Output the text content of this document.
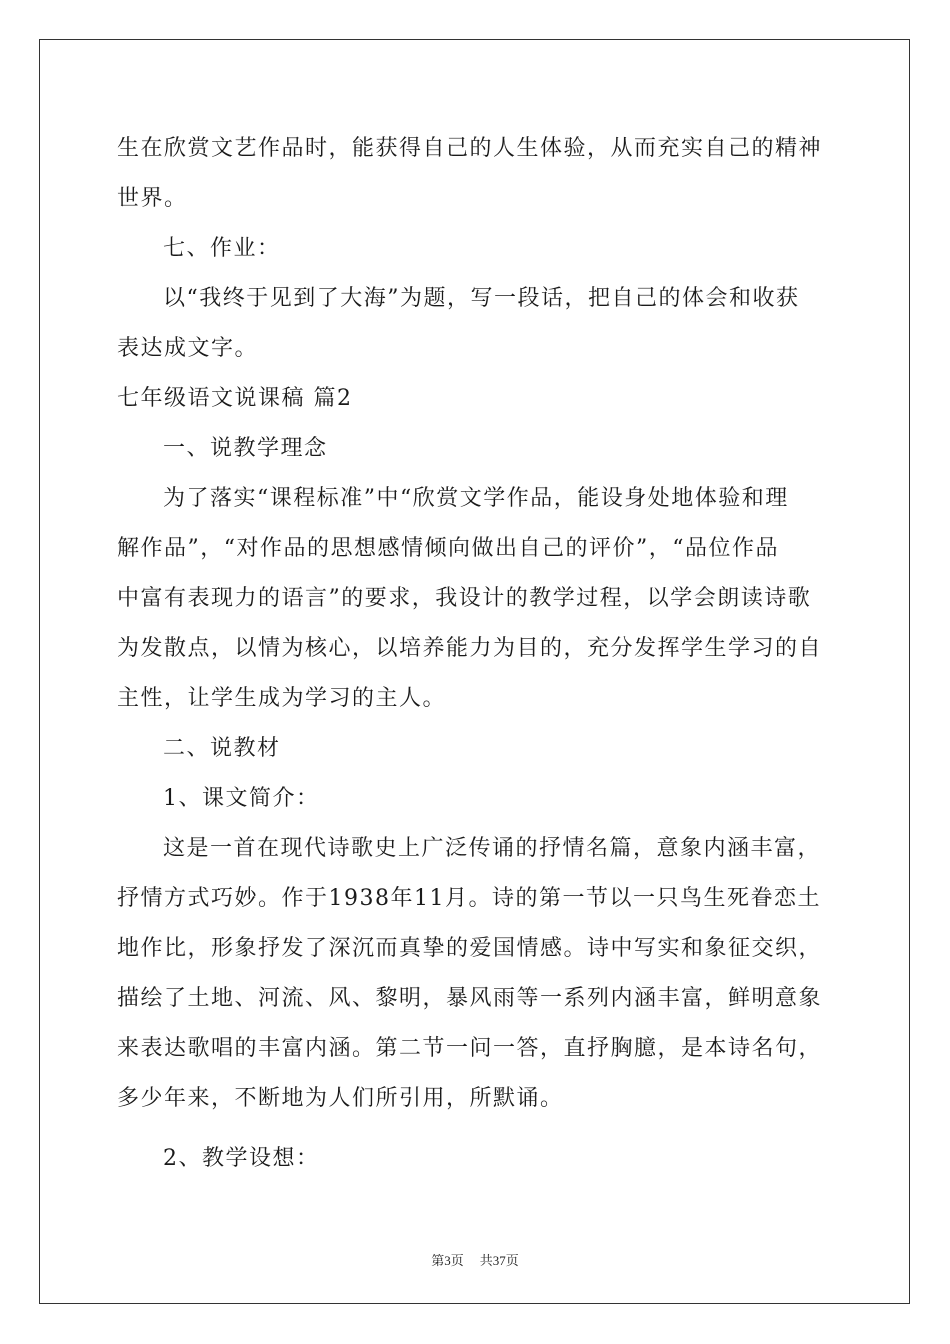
生在欣赏文艺作品时，能获得自己的人生体验，从而充实自己的精神
世界。
七、作业：
以“我终于见到了大海”为题，写一段话，把自己的体会和收获
表达成文字。
七年级语文说课稿 篇2
一、说教学理念
为了落实“课程标准”中“欣赏文学作品，能设身处地体验和理
解作品”，“对作品的思想感情倾向做出自己的评价”，“品位作品
中富有表现力的语言”的要求，我设计的教学过程，以学会朗读诗歌
为发散点，以情为核心，以培养能力为目的，充分发挥学生学习的自
主性，让学生成为学习的主人。
二、说教材
1、课文简介：
这是一首在现代诗歌史上广泛传诵的抒情名篇，意象内涵丰富，
抒情方式巧妙。作于1938年11月。诗的第一节以一只鸟生死眷恋土
地作比，形象抒发了深沉而真挚的爱国情感。诗中写实和象征交织，
描绘了土地、河流、风、黎明，暴风雨等一系列内涵丰富，鲜明意象
来表达歌唱的丰富内涵。第二节一问一答，直抒胸臆，是本诗名句，
多少年来，不断地为人们所引用，所默诵。
2、教学设想：
第3页 共37页
